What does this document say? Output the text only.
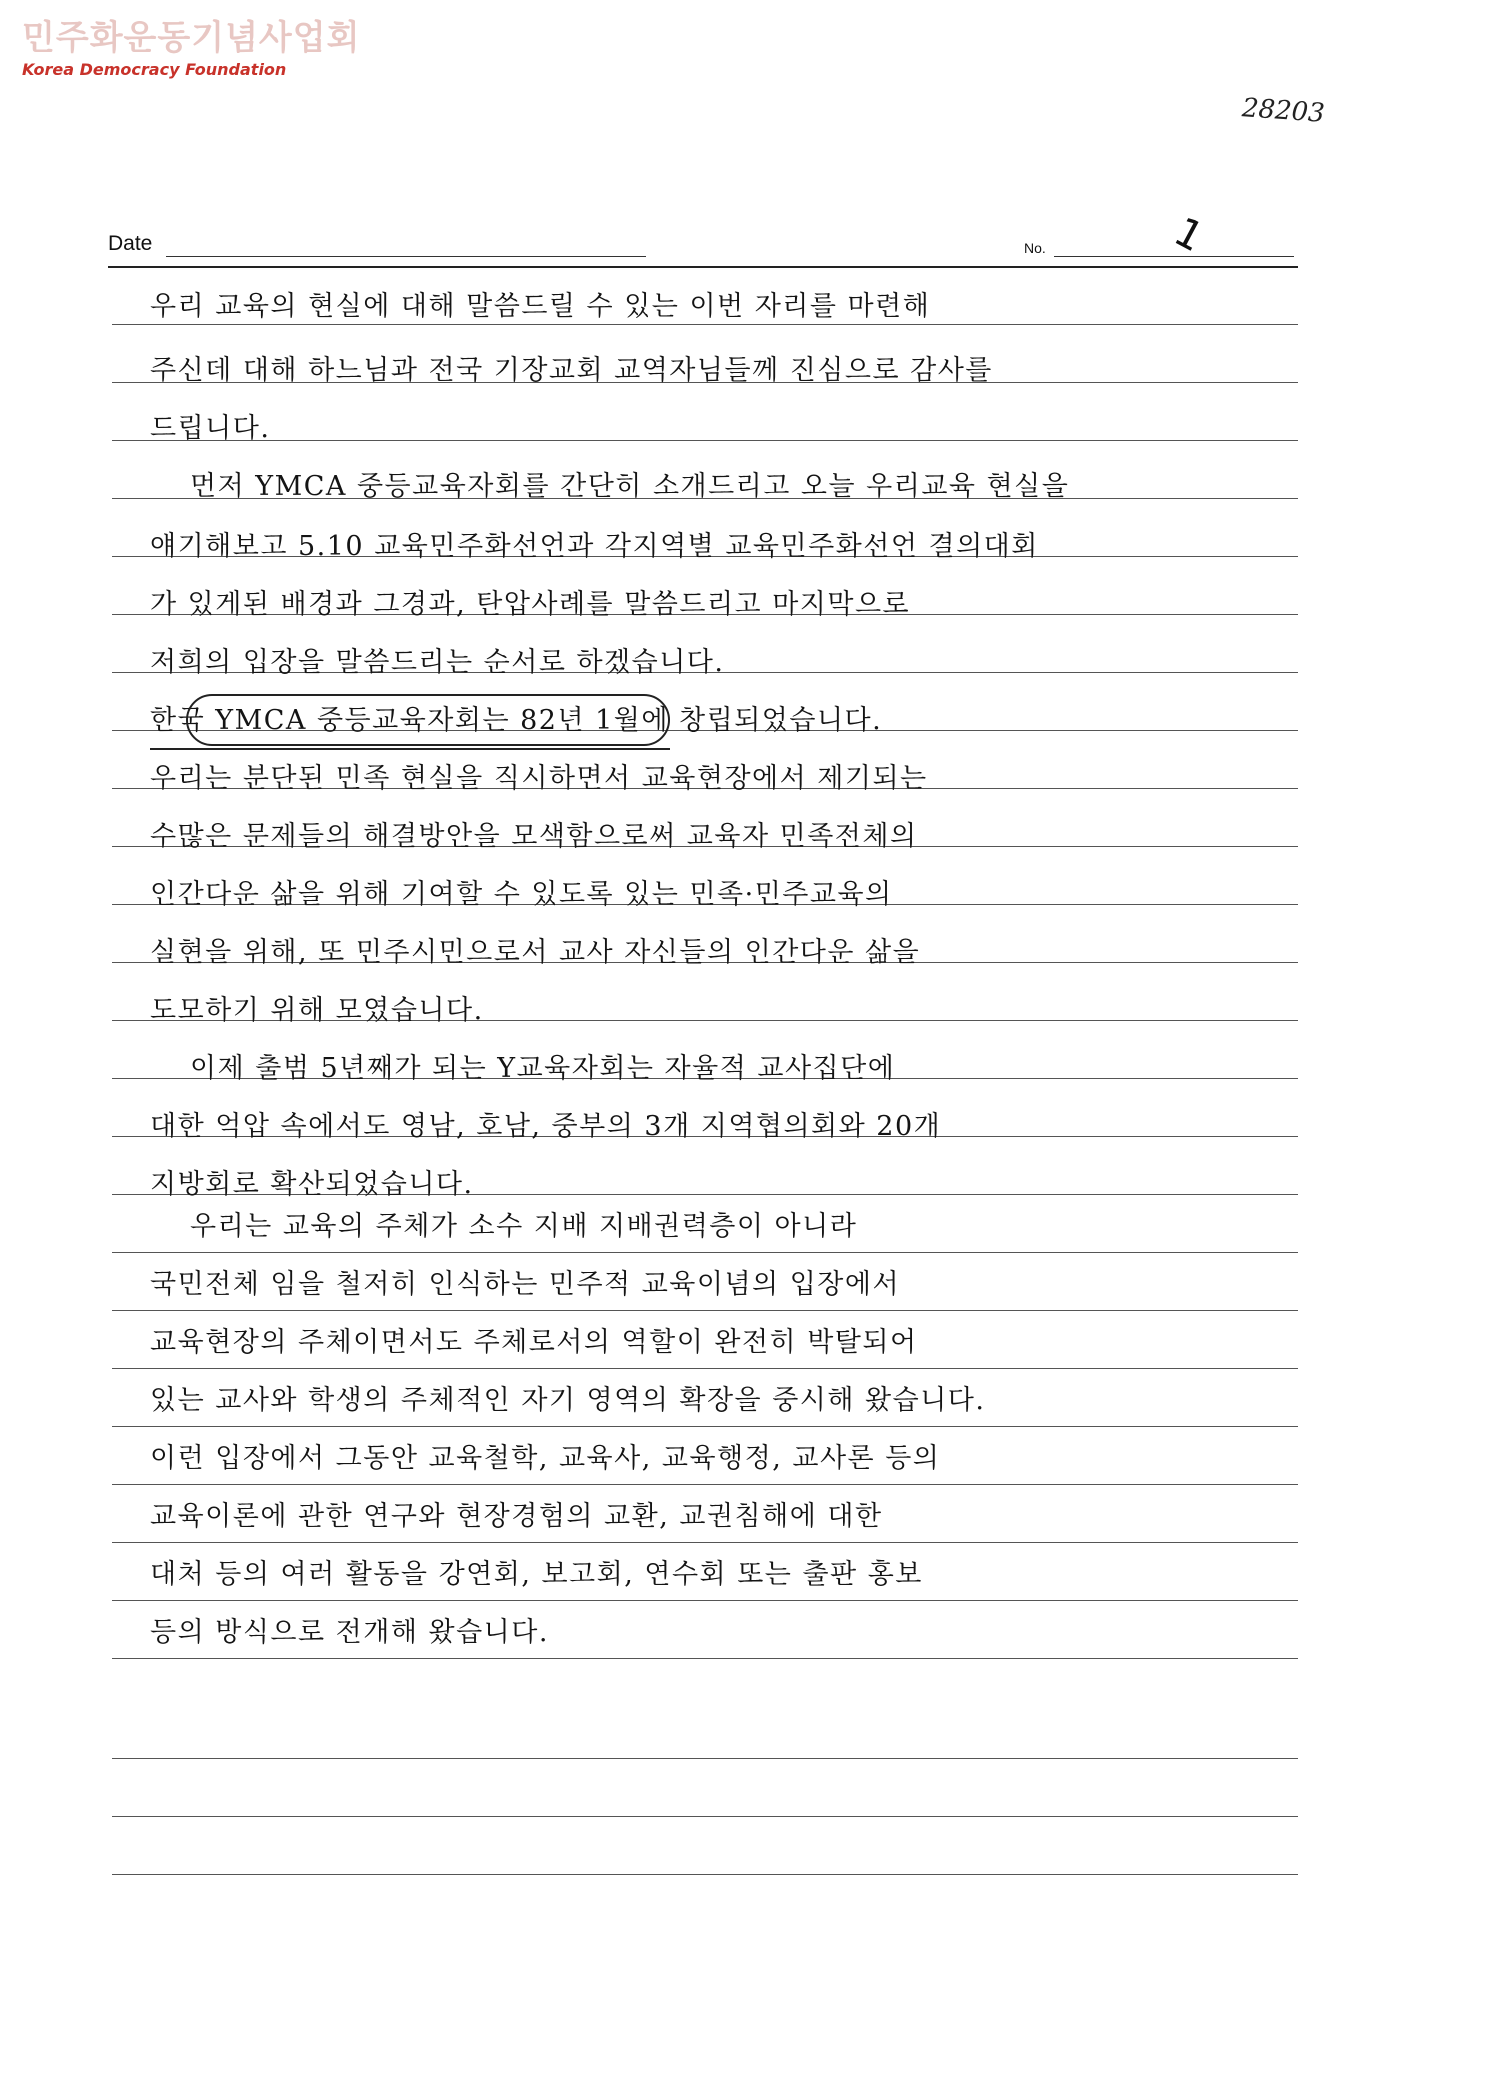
민주화운동기념사업회
Korea Democracy Foundation
28203
Date	No.	1
우리 교육의 현실에 대해 말씀드릴 수 있는 이번 자리를 마련해
주신데 대해 하느님과 전국 기장교회 교역자님들께 진심으로 감사를
드립니다.
먼저 YMCA 중등교육자회를 간단히 소개드리고 오늘 우리교육 현실을
얘기해보고 5.10 교육민주화선언과 각지역별 교육민주화선언 결의대회
가 있게된 배경과 그경과, 탄압사례를 말씀드리고 마지막으로
저희의 입장을 말씀드리는 순서로 하겠습니다.
한국 YMCA 중등교육자회는 82년 1월에 창립되었습니다.
우리는 분단된 민족 현실을 직시하면서 교육현장에서 제기되는
수많은 문제들의 해결방안을 모색함으로써 교육자 민족전체의
인간다운 삶을 위해 기여할 수 있도록 있는 민족·민주교육의
실현을 위해, 또 민주시민으로서 교사 자신들의 인간다운 삶을
도모하기 위해 모였습니다.
이제 출범 5년째가 되는 Y교육자회는 자율적 교사집단에
대한 억압 속에서도 영남, 호남, 중부의 3개 지역협의회와 20개
지방회로 확산되었습니다.
우리는 교육의 주체가 소수 지배 지배권력층이 아니라
국민전체 임을 철저히 인식하는 민주적 교육이념의 입장에서
교육현장의 주체이면서도 주체로서의 역할이 완전히 박탈되어
있는 교사와 학생의 주체적인 자기 영역의 확장을 중시해 왔습니다.
이런 입장에서 그동안 교육철학, 교육사, 교육행정, 교사론 등의
교육이론에 관한 연구와 현장경험의 교환, 교권침해에 대한
대처 등의 여러 활동을 강연회, 보고회, 연수회 또는 출판 홍보
등의 방식으로 전개해 왔습니다.
